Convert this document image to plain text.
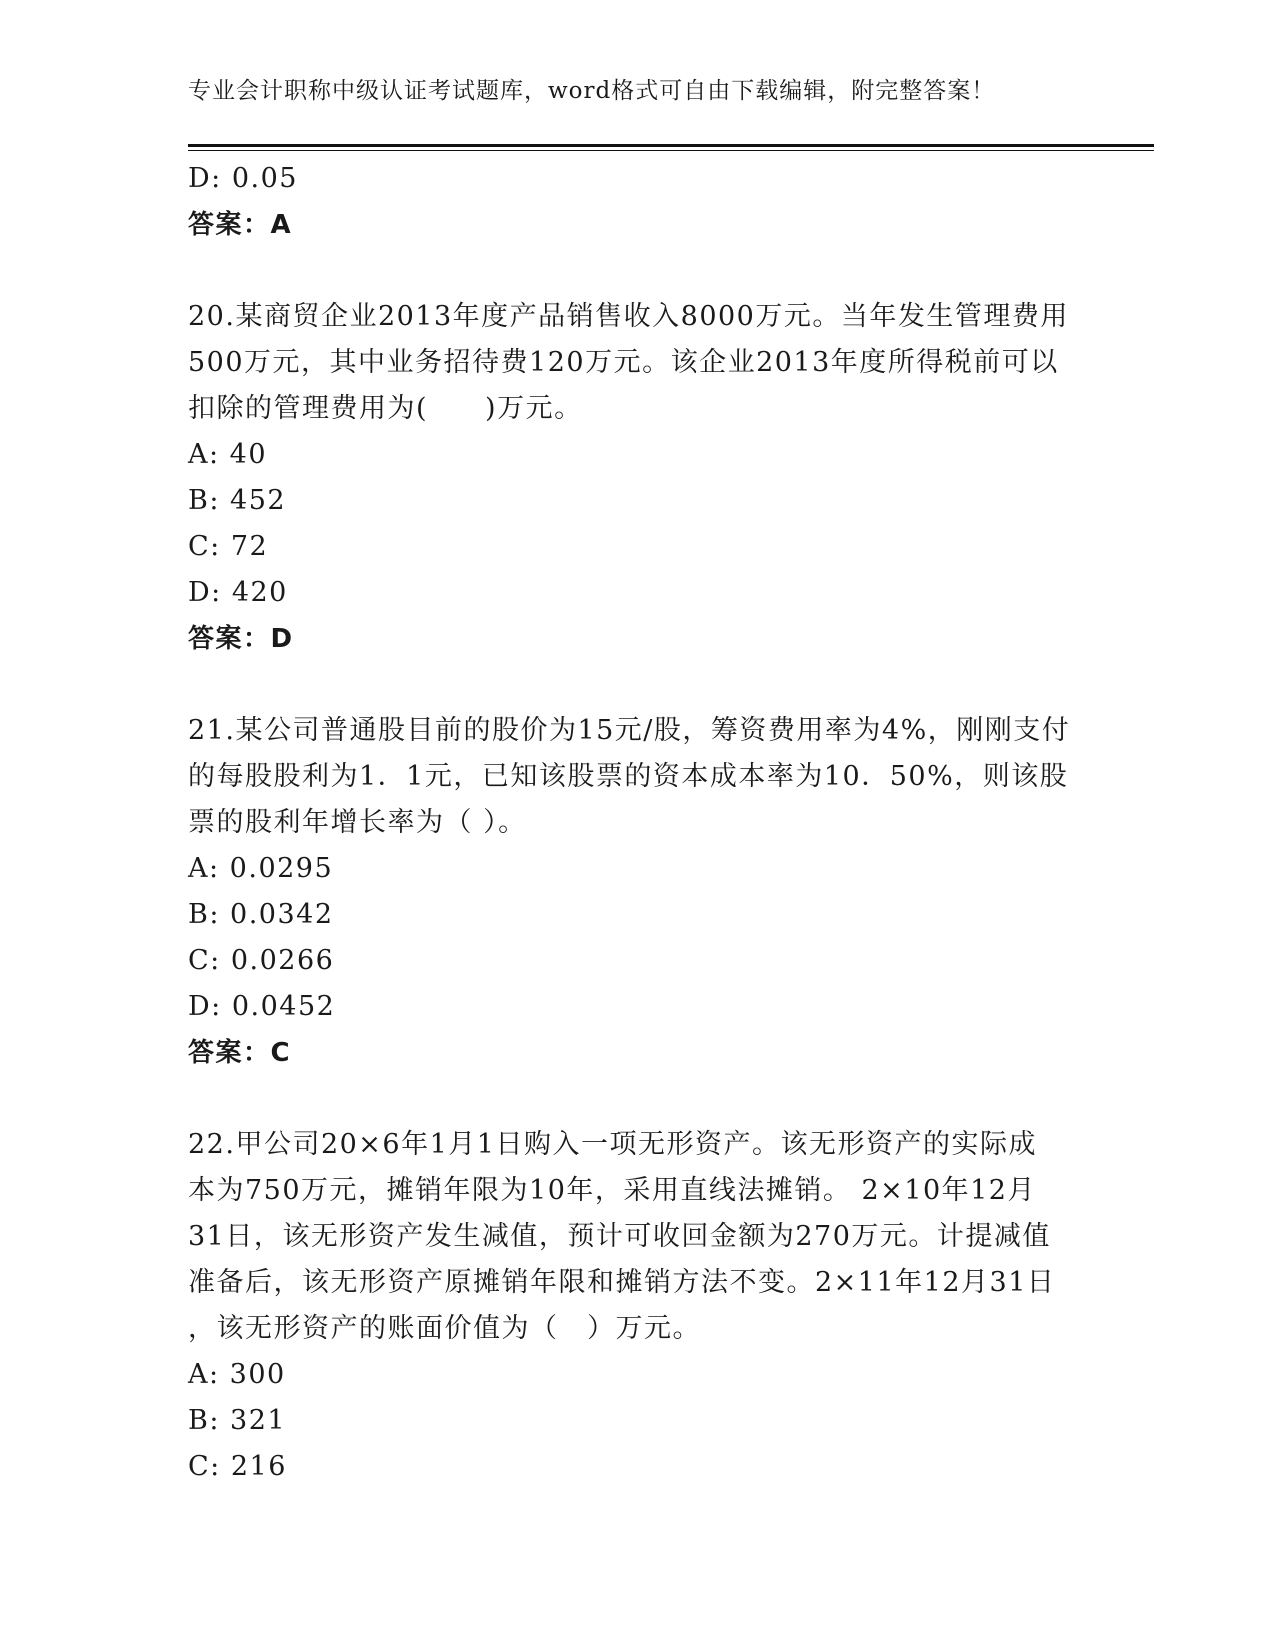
专业会计职称中级认证考试题库，word格式可自由下载编辑，附完整答案！
D: 0.05
答案：A
20.某商贸企业2013年度产品销售收入8000万元。当年发生管理费用
500万元，其中业务招待费120万元。该企业2013年度所得税前可以
扣除的管理费用为(　　)万元。
A: 40
B: 452
C: 72
D: 420
答案：D
21.某公司普通股目前的股价为15元/股，筹资费用率为4%，刚刚支付
的每股股利为1．1元，已知该股票的资本成本率为10．50%，则该股
票的股利年增长率为（ ）。
A: 0.0295
B: 0.0342
C: 0.0266
D: 0.0452
答案：C
22.甲公司20×6年1月1日购入一项无形资产。该无形资产的实际成
本为750万元，摊销年限为10年，采用直线法摊销。 2×10年12月
31日，该无形资产发生减值，预计可收回金额为270万元。计提减值
准备后，该无形资产原摊销年限和摊销方法不变。2×11年12月31日
，该无形资产的账面价值为（　）万元。
A: 300
B: 321
C: 216
